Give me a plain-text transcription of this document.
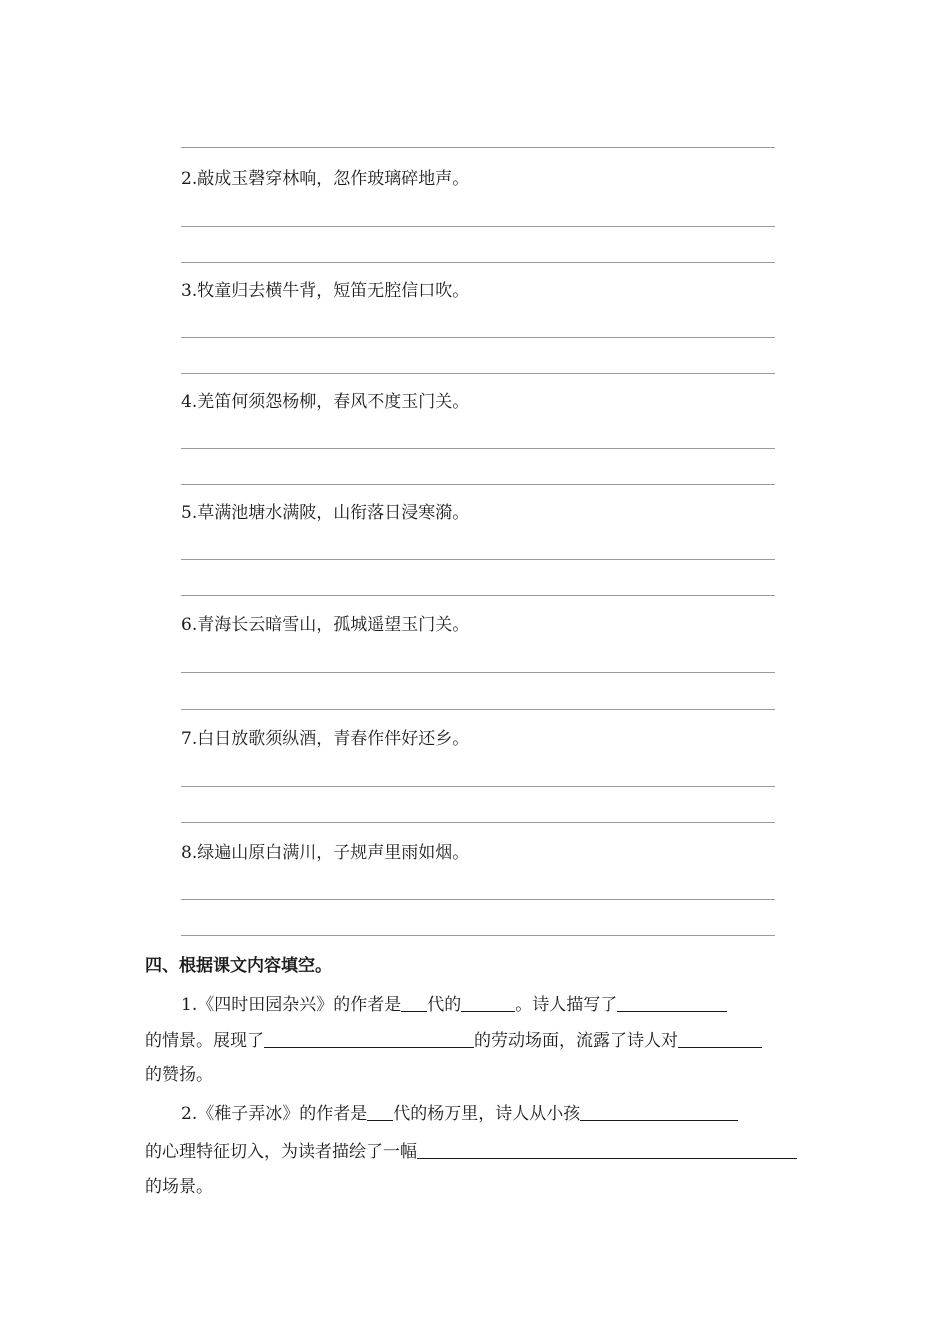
2.敲成玉磬穿林响，忽作玻璃碎地声。
3.牧童归去横牛背，短笛无腔信口吹。
4.羌笛何须怨杨柳，春风不度玉门关。
5.草满池塘水满陂，山衔落日浸寒漪。
6.青海长云暗雪山，孤城遥望玉门关。
7.白日放歌须纵酒，青春作伴好还乡。
8.绿遍山原白满川，子规声里雨如烟。
四、根据课文内容填空。
1.《四时田园杂兴》的作者是 代的	。诗人描写了
的情景。展现了	的劳动场面，流露了诗人对
的赞扬。
2.《稚子弄冰》的作者是 代的杨万里，诗人从小孩
的心理特征切入，为读者描绘了一幅
的场景。
